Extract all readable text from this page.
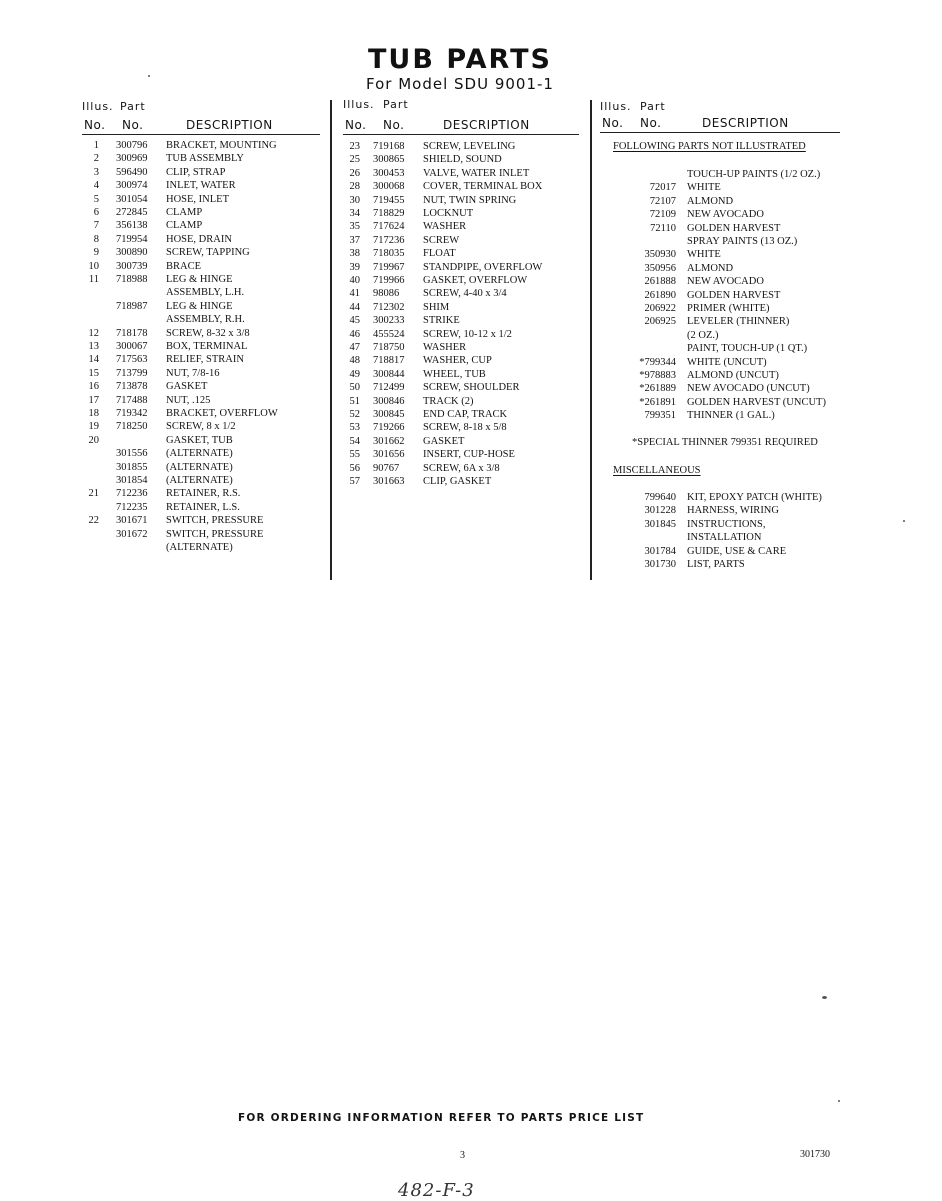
TUB PARTS
For Model SDU 9001-1
Illus. Part
No. No.	DESCRIPTION
1 300796 BRACKET, MOUNTING
2 300969 TUB ASSEMBLY
3 596490 CLIP, STRAP
4 300974 INLET, WATER
5 301054 HOSE, INLET
6 272845 CLAMP
7 356138 CLAMP
8 719954 HOSE, DRAIN
9 300890 SCREW, TAPPING
10 300739 BRACE
11 718988 LEG & HINGE
ASSEMBLY, L.H.
718987 LEG & HINGE
ASSEMBLY, R.H.
12 718178 SCREW, 8-32 x 3/8
13 300067 BOX, TERMINAL
14 717563 RELIEF, STRAIN
15 713799 NUT, 7/8-16
16 713878 GASKET
17 717488 NUT, .125
18 719342 BRACKET, OVERFLOW
19 718250 SCREW, 8 x 1/2
20	GASKET, TUB
301556 (ALTERNATE)
301855 (ALTERNATE)
301854 (ALTERNATE)
21 712236 RETAINER, R.S.
712235 RETAINER, L.S.
22 301671 SWITCH, PRESSURE
301672 SWITCH, PRESSURE
(ALTERNATE)
Illus. Part
No. No.	DESCRIPTION
23 719168 SCREW, LEVELING
25 300865 SHIELD, SOUND
26 300453 VALVE, WATER INLET
28 300068 COVER, TERMINAL BOX
30 719455 NUT, TWIN SPRING
34 718829 LOCKNUT
35 717624 WASHER
37 717236 SCREW
38 718035 FLOAT
39 719967 STANDPIPE, OVERFLOW
40 719966 GASKET, OVERFLOW
41 98086 SCREW, 4-40 x 3/4
44 712302 SHIM
45 300233 STRIKE
46 455524 SCREW, 10-12 x 1/2
47 718750 WASHER
48 718817 WASHER, CUP
49 300844 WHEEL, TUB
50 712499 SCREW, SHOULDER
51 300846 TRACK (2)
52 300845 END CAP, TRACK
53 719266 SCREW, 8-18 x 5/8
54 301662 GASKET
55 301656 INSERT, CUP-HOSE
56 90767 SCREW, 6A x 3/8
57 301663 CLIP, GASKET
Illus. Part
No. No.	DESCRIPTION
FOLLOWING PARTS NOT ILLUSTRATED
TOUCH-UP PAINTS (1/2 OZ.)
72017 WHITE
72107 ALMOND
72109 NEW AVOCADO
72110 GOLDEN HARVEST
SPRAY PAINTS (13 OZ.)
350930 WHITE
350956 ALMOND
261888 NEW AVOCADO
261890 GOLDEN HARVEST
206922 PRIMER (WHITE)
206925 LEVELER (THINNER)
(2 OZ.)
PAINT, TOUCH-UP (1 QT.)
*799344 WHITE (UNCUT)
*978883 ALMOND (UNCUT)
*261889 NEW AVOCADO (UNCUT)
*261891 GOLDEN HARVEST (UNCUT)
799351 THINNER (1 GAL.)
*SPECIAL THINNER 799351 REQUIRED
MISCELLANEOUS
799640 KIT, EPOXY PATCH (WHITE)
301228 HARNESS, WIRING
301845 INSTRUCTIONS,
INSTALLATION
301784 GUIDE, USE & CARE
301730 LIST, PARTS
FOR ORDERING INFORMATION REFER TO PARTS PRICE LIST
3	301730
482-F-3
